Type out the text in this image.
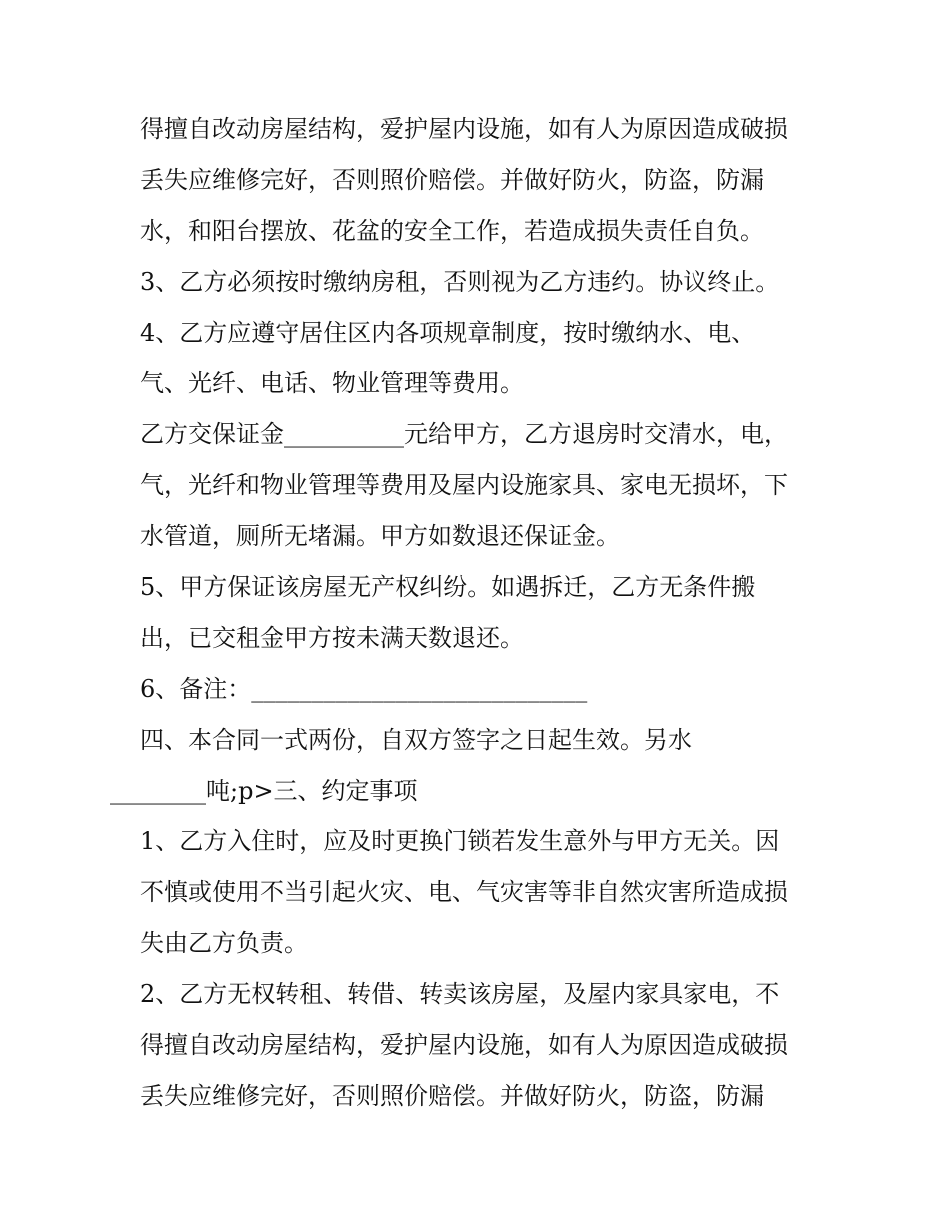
得擅自改动房屋结构，爱护屋内设施，如有人为原因造成破损

丢失应维修完好，否则照价赔偿。并做好防火，防盗，防漏

水，和阳台摆放、花盆的安全工作，若造成损失责任自负。

3、乙方必须按时缴纳房租，否则视为乙方违约。协议终止。

4、乙方应遵守居住区内各项规章制度，按时缴纳水、电、

气、光纤、电话、物业管理等费用。

乙方交保证金__________元给甲方，乙方退房时交清水，电，

气，光纤和物业管理等费用及屋内设施家具、家电无损坏，下

水管道，厕所无堵漏。甲方如数退还保证金。

5、甲方保证该房屋无产权纠纷。如遇拆迁，乙方无条件搬

出，已交租金甲方按未满天数退还。

6、备注：____________________________

四、本合同一式两份，自双方签字之日起生效。另水

________吨;p>三、约定事项

1、乙方入住时，应及时更换门锁若发生意外与甲方无关。因

不慎或使用不当引起火灾、电、气灾害等非自然灾害所造成损

失由乙方负责。

2、乙方无权转租、转借、转卖该房屋，及屋内家具家电，不

得擅自改动房屋结构，爱护屋内设施，如有人为原因造成破损

丢失应维修完好，否则照价赔偿。并做好防火，防盗，防漏
